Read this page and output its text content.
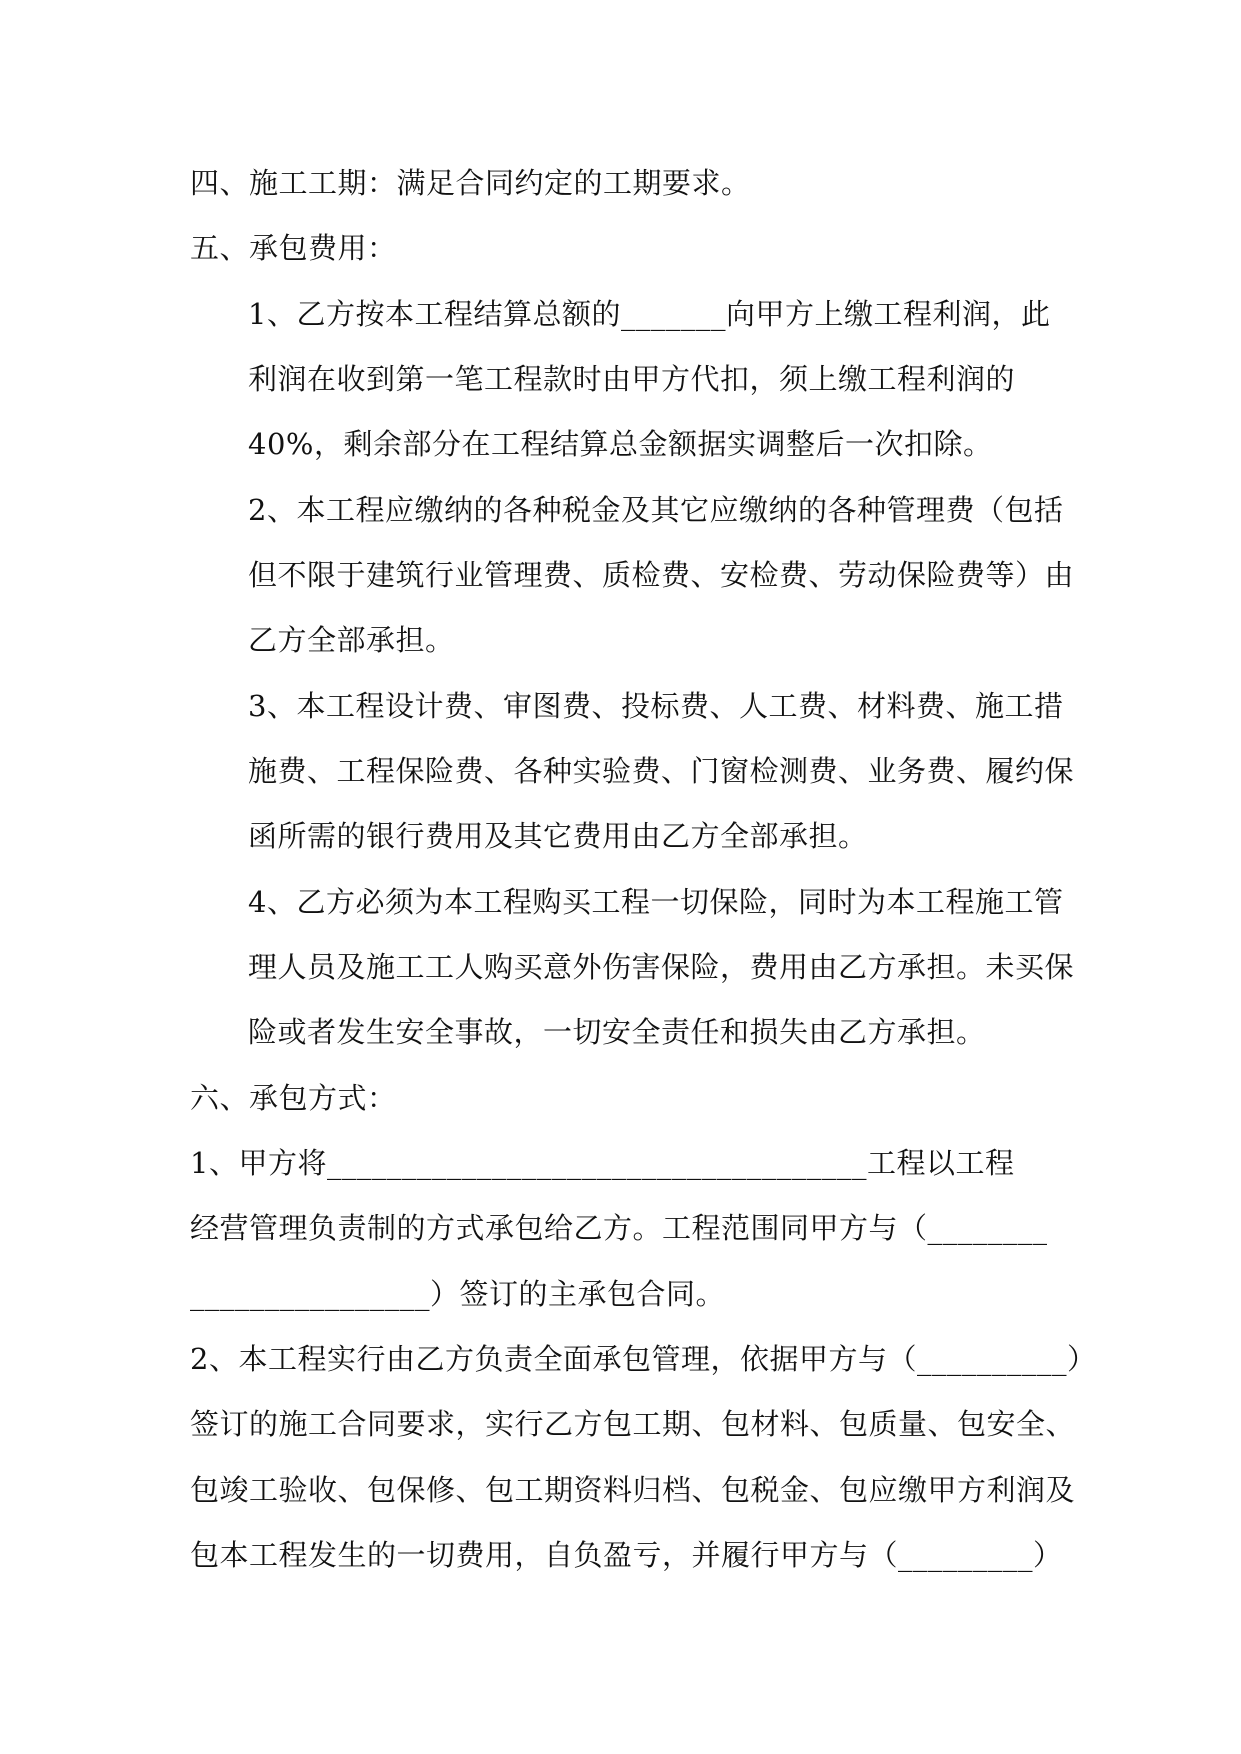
四、施工工期：满足合同约定的工期要求。
五、承包费用：
1、乙方按本工程结算总额的_______向甲方上缴工程利润，此
利润在收到第一笔工程款时由甲方代扣，须上缴工程利润的
40%，剩余部分在工程结算总金额据实调整后一次扣除。
2、本工程应缴纳的各种税金及其它应缴纳的各种管理费（包括
但不限于建筑行业管理费、质检费、安检费、劳动保险费等）由
乙方全部承担。
3、本工程设计费、审图费、投标费、人工费、材料费、施工措
施费、工程保险费、各种实验费、门窗检测费、业务费、履约保
函所需的银行费用及其它费用由乙方全部承担。
4、乙方必须为本工程购买工程一切保险，同时为本工程施工管
理人员及施工工人购买意外伤害保险，费用由乙方承担。未买保
险或者发生安全事故，一切安全责任和损失由乙方承担。
六、承包方式：
1、甲方将____________________________________工程以工程
经营管理负责制的方式承包给乙方。工程范围同甲方与（________
________________）签订的主承包合同。
2、本工程实行由乙方负责全面承包管理，依据甲方与（__________）
签订的施工合同要求，实行乙方包工期、包材料、包质量、包安全、
包竣工验收、包保修、包工期资料归档、包税金、包应缴甲方利润及
包本工程发生的一切费用，自负盈亏，并履行甲方与（_________）
